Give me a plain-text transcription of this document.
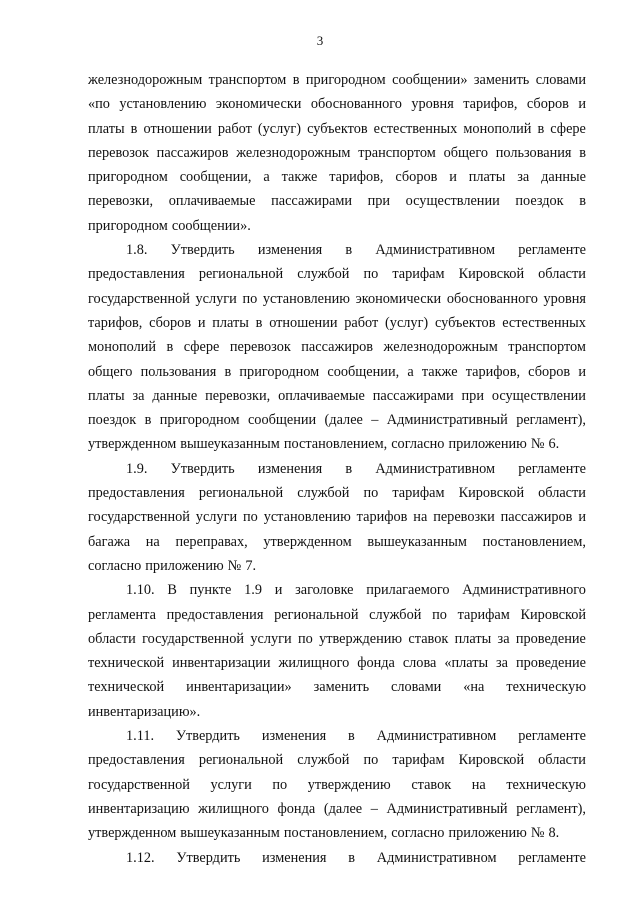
3
железнодорожным транспортом в пригородном сообщении» заменить словами
«по установлению экономически обоснованного уровня тарифов, сборов и
платы в отношении работ (услуг) субъектов естественных монополий в сфере
перевозок пассажиров железнодорожным транспортом общего пользования в
пригородном сообщении, а также тарифов, сборов и платы за данные
перевозки, оплачиваемые пассажирами при осуществлении поездок в
пригородном сообщении».
1.8. Утвердить изменения в Административном регламенте
предоставления региональной службой по тарифам Кировской области
государственной услуги по установлению экономически обоснованного уровня
тарифов, сборов и платы в отношении работ (услуг) субъектов естественных
монополий в сфере перевозок пассажиров железнодорожным транспортом
общего пользования в пригородном сообщении, а также тарифов, сборов и
платы за данные перевозки, оплачиваемые пассажирами при осуществлении
поездок в пригородном сообщении (далее – Административный регламент),
утвержденном вышеуказанным постановлением, согласно приложению № 6.
1.9. Утвердить изменения в Административном регламенте
предоставления региональной службой по тарифам Кировской области
государственной услуги по установлению тарифов на перевозки пассажиров и
багажа на переправах, утвержденном вышеуказанным постановлением,
согласно приложению № 7.
1.10. В пункте 1.9 и заголовке прилагаемого Административного
регламента предоставления региональной службой по тарифам Кировской
области государственной услуги по утверждению ставок платы за проведение
технической инвентаризации жилищного фонда слова «платы за проведение
технической инвентаризации» заменить словами «на техническую
инвентаризацию».
1.11. Утвердить изменения в Административном регламенте
предоставления региональной службой по тарифам Кировской области
государственной услуги по утверждению ставок на техническую
инвентаризацию жилищного фонда (далее – Административный регламент),
утвержденном вышеуказанным постановлением, согласно приложению № 8.
1.12. Утвердить изменения в Административном регламенте
